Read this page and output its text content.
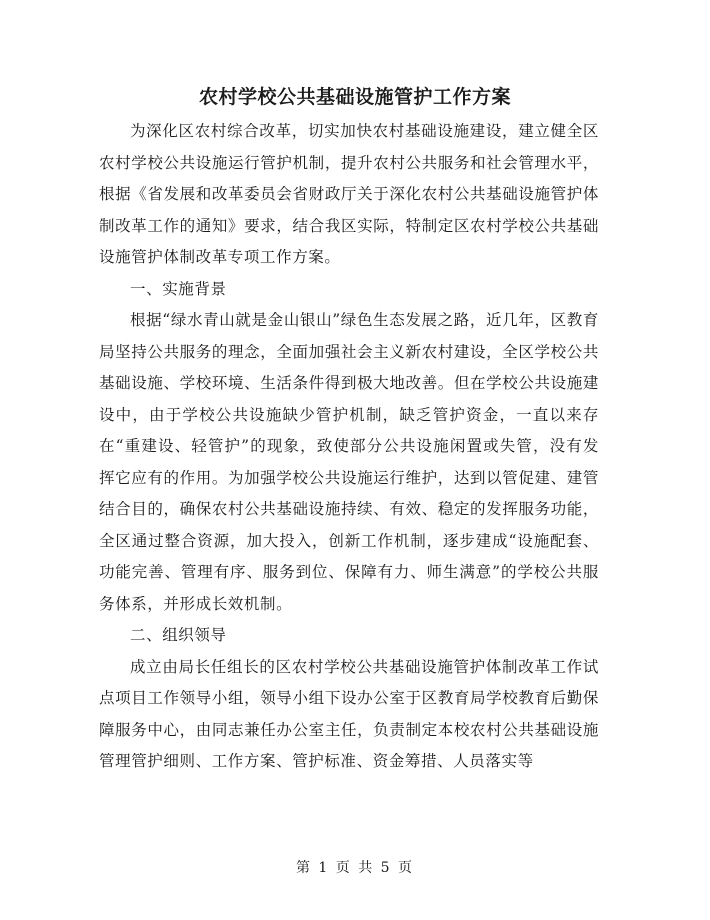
农村学校公共基础设施管护工作方案

为深化区农村综合改革，切实加快农村基础设施建设，建立健全区农村学校公共设施运行管护机制，提升农村公共服务和社会管理水平，根据《省发展和改革委员会省财政厅关于深化农村公共基础设施管护体制改革工作的通知》要求，结合我区实际，特制定区农村学校公共基础设施管护体制改革专项工作方案。

一、实施背景

根据“绿水青山就是金山银山”绿色生态发展之路，近几年，区教育局坚持公共服务的理念，全面加强社会主义新农村建设，全区学校公共基础设施、学校环境、生活条件得到极大地改善。但在学校公共设施建设中，由于学校公共设施缺少管护机制，缺乏管护资金，一直以来存在“重建设、轻管护”的现象，致使部分公共设施闲置或失管，没有发挥它应有的作用。为加强学校公共设施运行维护，达到以管促建、建管结合目的，确保农村公共基础设施持续、有效、稳定的发挥服务功能，全区通过整合资源，加大投入，创新工作机制，逐步建成“设施配套、功能完善、管理有序、服务到位、保障有力、师生满意”的学校公共服务体系，并形成长效机制。

二、组织领导

成立由局长任组长的区农村学校公共基础设施管护体制改革工作试点项目工作领导小组，领导小组下设办公室于区教育局学校教育后勤保障服务中心，由同志兼任办公室主任，负责制定本校农村公共基础设施管理管护细则、工作方案、管护标准、资金筹措、人员落实等

第 1 页 共 5 页
